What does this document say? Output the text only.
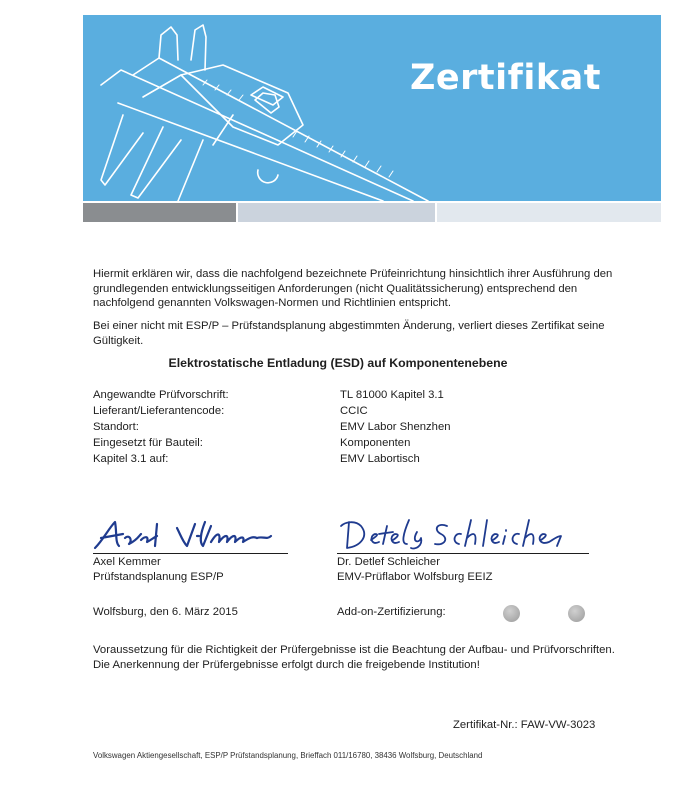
Zertifikat
Hiermit erklären wir, dass die nachfolgend bezeichnete Prüfeinrichtung hinsichtlich ihrer Ausführung den grundlegenden entwicklungsseitigen Anforderungen (nicht Qualitätssicherung) entsprechend den nachfolgend genannten Volkswagen-Normen und Richtlinien entspricht.
Bei einer nicht mit ESP/P – Prüfstandsplanung abgestimmten Änderung, verliert dieses Zertifikat seine Gültigkeit.
Elektrostatische Entladung (ESD) auf Komponentenebene
Angewandte Prüfvorschrift:	TL 81000 Kapitel 3.1
Lieferant/Lieferantencode:	CCIC
Standort:	EMV Labor Shenzhen
Eingesetzt für Bauteil:	Komponenten
Kapitel 3.1 auf:	EMV Labortisch
Axel Kemmer
Prüfstandsplanung ESP/P
Dr. Detlef Schleicher
EMV-Prüflabor Wolfsburg EEIZ
Wolfsburg, den 6. März 2015	Add-on-Zertifizierung:
Voraussetzung für die Richtigkeit der Prüfergebnisse ist die Beachtung der Aufbau- und Prüfvorschriften. Die Anerkennung der Prüfergebnisse erfolgt durch die freigebende Institution!
Zertifikat-Nr.: FAW-VW-3023
Volkswagen Aktiengesellschaft, ESP/P Prüfstandsplanung, Brieffach 011/16780, 38436 Wolfsburg, Deutschland
